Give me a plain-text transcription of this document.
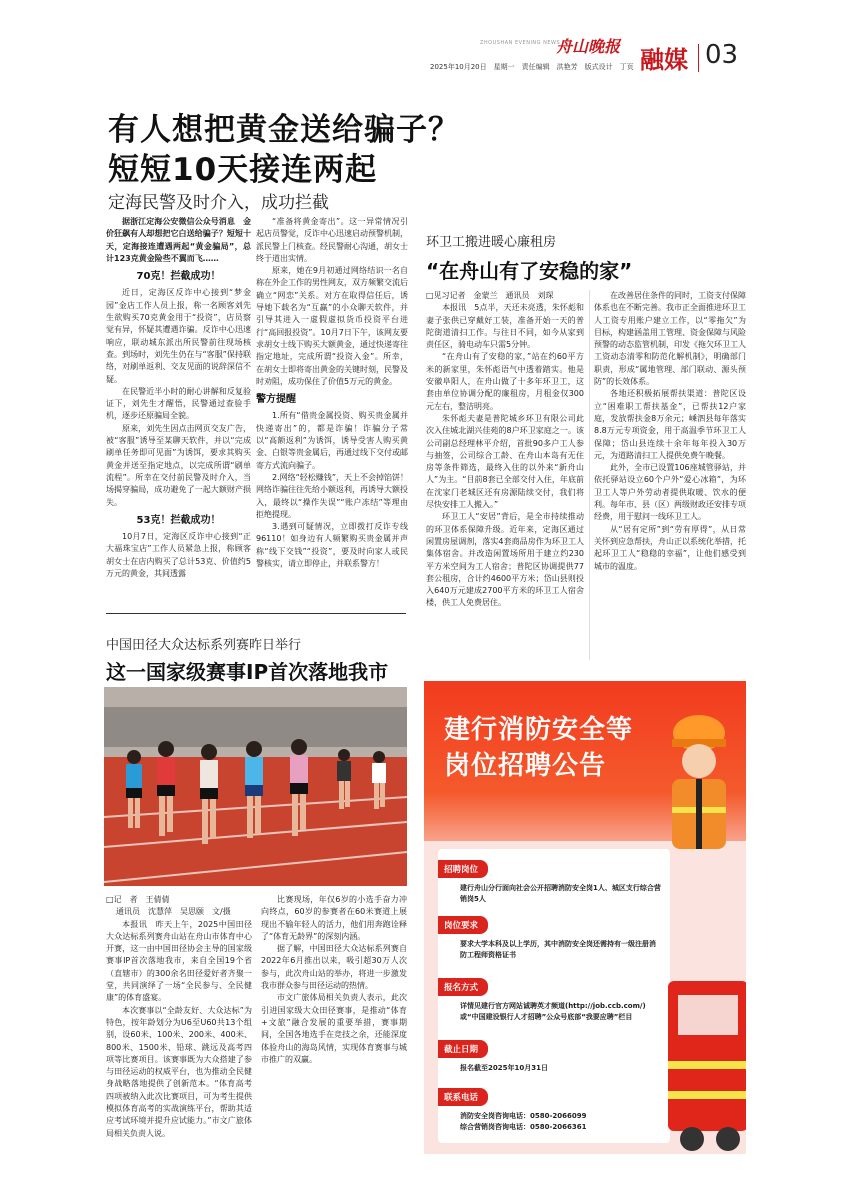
ZHOUSHAN EVENING NEWS
舟山晚报
2025年10月20日　星期一　责任编辑　洪艳芳　版式设计　丁页 融媒 03
有人想把黄金送给骗子？
短短10天接连两起
定海民警及时介入，成功拦截

据浙江定海公安微信公众号消息　金价狂飙有人却想把它白送给骗子？短短十天，定海接连遭遇两起“黄金骗局”，总计123克黄金险些不翼而飞……

70克！拦截成功！

近日，定海区反诈中心接到“梦金园”金店工作人员上报，称一名顾客刘先生欲购买70克黄金用于“投资”，店员察觉有异，怀疑其遭遇诈骗。反诈中心迅速响应，联动城东派出所民警前往现场核查。到场时，刘先生仍在与“客服”保持联络，对刷单返利、交友见面的说辞深信不疑。

在民警近半小时的耐心讲解和反复验证下，刘先生才醒悟，民警通过查验手机，逐步还原骗局全貌。

原来，刘先生因点击网页交友广告，被“客服”诱导至某聊天软件，并以“完成刷单任务即可见面”为诱饵，要求其购买黄金并送至指定地点，以完成所谓“刷单流程”。所幸在交付前民警及时介入，当场揭穿骗局，成功避免了一起大额财产损失。

53克！拦截成功！

10月7日，定海区反诈中心接到“正大福珠宝店”工作人员紧急上报，称顾客胡女士在店内购买了总计53克、价值约5万元的黄金，其间透露

“准备将黄金寄出”。这一异常情况引起店员警觉，反诈中心迅速启动预警机制，派民警上门核查。经民警耐心沟通，胡女士终于道出实情。

原来，她在9月初通过网络结识一名自称在外企工作的男性网友，双方频繁交流后确立“网恋”关系。对方在取得信任后，诱导她下载名为“互赢”的小众聊天软件，并引导其进入一虚假虚拟货币投资平台进行“高回报投资”。10月7日下午，该网友要求胡女士线下购买大额黄金，通过快递寄往指定地址，完成所谓“投资入金”。所幸，在胡女士即将寄出黄金的关键时刻，民警及时劝阻，成功保住了价值5万元的黄金。

警方提醒

1.所有“借贵金属投资、购买贵金属并快递寄出”的，都是诈骗！诈骗分子常以“高额返利”为诱饵，诱导受害人购买黄金、白银等贵金属后，再通过线下交付或邮寄方式流向骗子。

2.网络“轻松赚钱”，天上不会掉馅饼！网络诈骗往往先给小额返利，再诱导大额投入，最终以“操作失误”“账户冻结”等理由拒绝提现。

3.遇到可疑情况，立即拨打反诈专线96110！如身边有人频繁购买贵金属并声称“线下交钱”“投资”，要及时向家人或民警核实，请立即停止，并联系警方！

环卫工搬进暖心廉租房
“在舟山有了安稳的家”

□见习记者　金蒙兰　通讯员　刘琛

本报讯　5点半，天还未亮透，朱怀彪和妻子张供已穿戴好工装，准备开始一天的普陀街道清扫工作。与往日不同，如今从家到责任区，骑电动车只需5分钟。

“在舟山有了安稳的家，”站在约60平方米的新家里，朱怀彪语气中透着踏实。他是安徽阜阳人，在舟山做了十多年环卫工，这套由单位协调分配的廉租房，月租金仅300元左右，整洁明亮。

朱怀彪夫妻是普陀城乡环卫有限公司此次入住城北湖兴佳苑的8户环卫家庭之一。该公司副总经理林平介绍，首批90多户工人参与抽签，公司综合工龄、在舟山本岛有无住房等条件筛选，最终入住的以外来“新舟山人”为主。“目前8套已全部交付入住，年底前在沈家门老城区还有房源陆续交付，我们将尽快安排工人搬入。”

环卫工人“安居”背后，是全市持续推动的环卫体系保障升级。近年来，定海区通过闲置房屋调剂，落实4套商品房作为环卫工人集体宿舍。并改造闲置场所用于建立约230平方米空间为工人宿舍；普陀区协调提供77套公租房，合计约4600平方米；岱山县则投入640万元建成2700平方米的环卫工人宿舍楼，供工人免费居住。

在改善居住条件的同时，工资支付保障体系也在不断完善。我市正全面推进环卫工人工资专用账户建立工作，以“零拖欠”为目标，构建涵盖用工管理、资金保障与风险预警的动态监管机制，印发《拖欠环卫工人工资动态清零和防范化解机制》，明确部门职责，形成“属地管理、部门联动、源头预防”的长效体系。

各地还积极拓展帮扶渠道：普陀区设立“困难职工帮扶基金”，已帮扶12户家庭，发放帮扶金8万余元；嵊泗县每年落实8.8万元专项资金，用于高温季节环卫工人保障；岱山县连续十余年每年投入30万元，为道路清扫工人提供免费午晚餐。

此外，全市已设置106座城管驿站，并依托驿站设立60个户外“爱心冰箱”，为环卫工人等户外劳动者提供取暖、饮水的便利。每年市、县（区）两级财政还安排专项经费，用于慰问一线环卫工人。

从“居有定所”到“劳有厚得”，从日常关怀到应急帮扶，舟山正以系统化举措，托起环卫工人“稳稳的幸福”，让他们感受到城市的温度。

中国田径大众达标系列赛昨日举行
这一国家级赛事IP首次落地我市

□记　者　王倩倩

通讯员　沈慧萍　吴思颐　文/摄

本报讯　昨天上午，2025中国田径大众达标系列赛舟山站在舟山市体育中心开赛，这一由中国田径协会主导的国家级赛事IP首次落地我市，来自全国19个省（直辖市）的300余名田径爱好者齐聚一堂，共同演绎了一场“全民参与、全民健康”的体育盛宴。

本次赛事以“全龄友好、大众达标”为特色，按年龄划分为U6至U60共13个组别，设60米、100米、200米、400米、800米、1500米、铅球、跳远及高考四项等比赛项目。该赛事既为大众搭建了参与田径运动的权威平台，也为推动全民健身战略落地提供了创新范本。“体育高考四项被纳入此次比赛项目，可为考生提供模拟体育高考的实战演练平台，帮助其适应考试环境并提升应试能力。”市文广旅体局相关负责人说。

比赛现场，年仅6岁的小选手奋力冲向终点，60岁的参赛者在60米赛道上展现出不输年轻人的活力，他们用奔跑诠释了“体育无龄界”的深刻内涵。

据了解，中国田径大众达标系列赛自2022年6月推出以来，吸引超30万人次参与，此次舟山站的举办，将进一步激发我市群众参与田径运动的热情。

市文广旅体局相关负责人表示，此次引进国家级大众田径赛事，是推动“体育+文旅”融合发展的重要举措，赛事期间，全国各地选手在竞技之余，还能深度体验舟山的海岛风情，实现体育赛事与城市推广的双赢。

建行消防安全等
岗位招聘公告
招聘岗位
建行舟山分行面向社会公开招聘消防安全岗1人、城区支行综合营销岗5人
岗位要求
要求大学本科及以上学历，其中消防安全岗还需持有一级注册消防工程师资格证书
报名方式
详情见建行官方网站诚聘英才频道(http://job.ccb.com/)或“中国建设银行人才招聘”公众号底部“我要应聘”栏目
截止日期
报名截至2025年10月31日
联系电话
消防安全岗咨询电话：0580-2066099
综合营销岗咨询电话：0580-2066361
